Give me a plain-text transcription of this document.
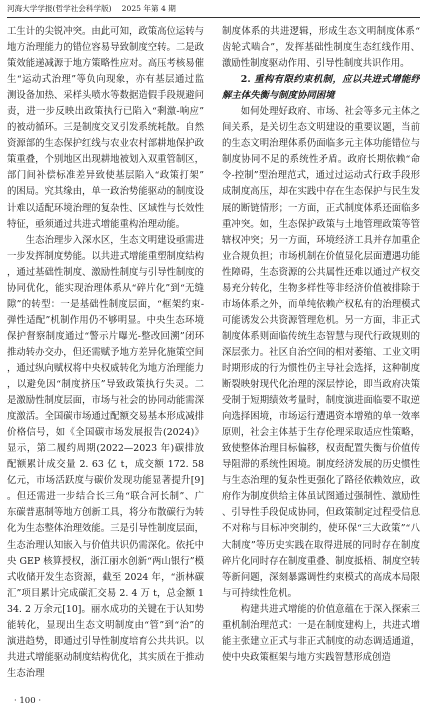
河海大学学报(哲学社会科学版) 2025 年第 4 期

工生计的尖锐冲突。由此可知，政策高位运转与地方治理能力的错位容易导致制度空转。二是政策效能递减源于地方策略性应对。高压考核易催生“运动式治理”等负向现象，亦有基层通过监测设备加热、采样头喷水等数据造假手段规避问责，进一步反映出政策执行已陷入“剩激-响应”的被动循环。三是制度交叉引发系统耗散。自然资源部的生态保护红线与农业农村部耕地保护政策重叠，个别地区出现耕地被划入双重管制区，部门间补偿标准差异致使基层陷入“政策打架”的困局。究其缘由，单一政治势能驱动的制度设计难以适配环境治理的复杂性、区域性与长效性特征，亟须通过共进式增能重构治理动能。

生态治理步入深水区，生态文明建设亟需进一步发挥制度势能。以共进式增能重塑制度结构，通过基础性制度、激励性制度与引导性制度的协同优化，能实现治理体系从“碎片化”到“无缝隙”的转型：一是基础性制度层面，“框架约束-弹性适配”机制作用仍不够明显。中央生态环境保护督察制度通过“警示片曝光-整改回溯”闭环推动转办交办，但还需赋予地方差异化施策空间，通过纵向赋权将中央权威转化为地方治理能力，以避免因“制度挤压”导致政策执行失灵。二是激励性制度层面，市场与社会的协同动能需深度激活。全国碳市场通过配额交易基本形成减排价格信号，如《全国碳市场发展报告(2024)》显示，第二履约周期(2022—2023 年)碳排放配额累计成交量 2. 63 亿 t，成交额 172. 58 亿元，市场活跃度与碳价发现功能显著提升[9]。但还需进一步结合长三角“联合河长制”、广东碳普惠制等地方创新工具，将分布散碳行为转化为生态整体治理效能。三是引导性制度层面，生态治理认知嵌入与价值共识仍需深化。依托中央 GEP 核算授权，浙江丽水创新“两山银行”模式收储开发生态资源，截至 2024 年，“浙林碳汇”项目累计完成碳汇交易 2. 4 万 t，总金额 134. 2 万余元[10]。丽水成功的关键在于认知势能转化，显现出生态文明制度由“管”到“治”的演进趋势，即通过引导性制度培育公共共识。以共进式增能驱动制度结构优化，其实质在于推动生态治理

制度体系的共进逻辑，形成生态文明制度体系“齿轮式啮合”，发挥基础性制度生态红线作用、激励性制度驱动作用、引导性制度共识作用。

2. 重构有限约束机制，应以共进式增能纾解主体失衡与制度协同困境

如何处理好政府、市场、社会等多元主体之间关系，是关切生态文明建设的重要议题，当前的生态文明治理体系仍面临多元主体功能错位与制度协同不足的系统性矛盾。政府长期依赖“命令-控制”型治理范式，通过过运动式行政手段形成制度高压，却在实践中存在生态保护与民生发展的断链情形；一方面，正式制度体系还面临多重冲突。如，生态保护政策与土地管理政策等管辖权冲突；另一方面，环境经济工具并存加重企业合规负担；市场机制在价值显化层面遭遇功能性障碍，生态资源的公共属性还难以通过产权交易充分转化，生物多样性等非经济价值被排除于市场体系之外，而单纯依赖产权私有的治理模式可能诱发公共资源管理危机。另一方面，非正式制度体系则面临传统生态智慧与现代行政规则的深层张力。社区自治空间的相对萎缩、工业文明时期形成的行为惯性仍主导社会选择，这种制度断裂映射现代化治理的深层悖论，即当政府决策受制于短期绩效考量时，制度演进面临要不取逆向选择困境，市场运行遭遇资本增殖的单一效率原则，社会主体基于生存伦理采取适应性策略，致使整体治理目标偏移，权责配置失衡与价值传导阻滞的系统性困境。制度经济发展的历史惯性与生态治理的复杂性更强化了路径依赖效应，政府作为制度供给主体虽试图通过强制性、激励性、引导性手段促成协同，但政策制定过程受信息不对称与目标冲突制约，使环保“三大政策”“八大制度”等历史实践在取得进展的同时存在制度碎片化同时存在制度重叠、制度抵梧、制度空转等新问题，深刻暴露调性约束模式的高成本局限与可持续性危机。

构建共进式增能的价值意蕴在于深入探索三重机制治理范式：一是在制度建构上，共进式增能主张建立正式与非正式制度的动态调适通道，使中央政策框架与地方实践智慧形成创造

· 100 ·
